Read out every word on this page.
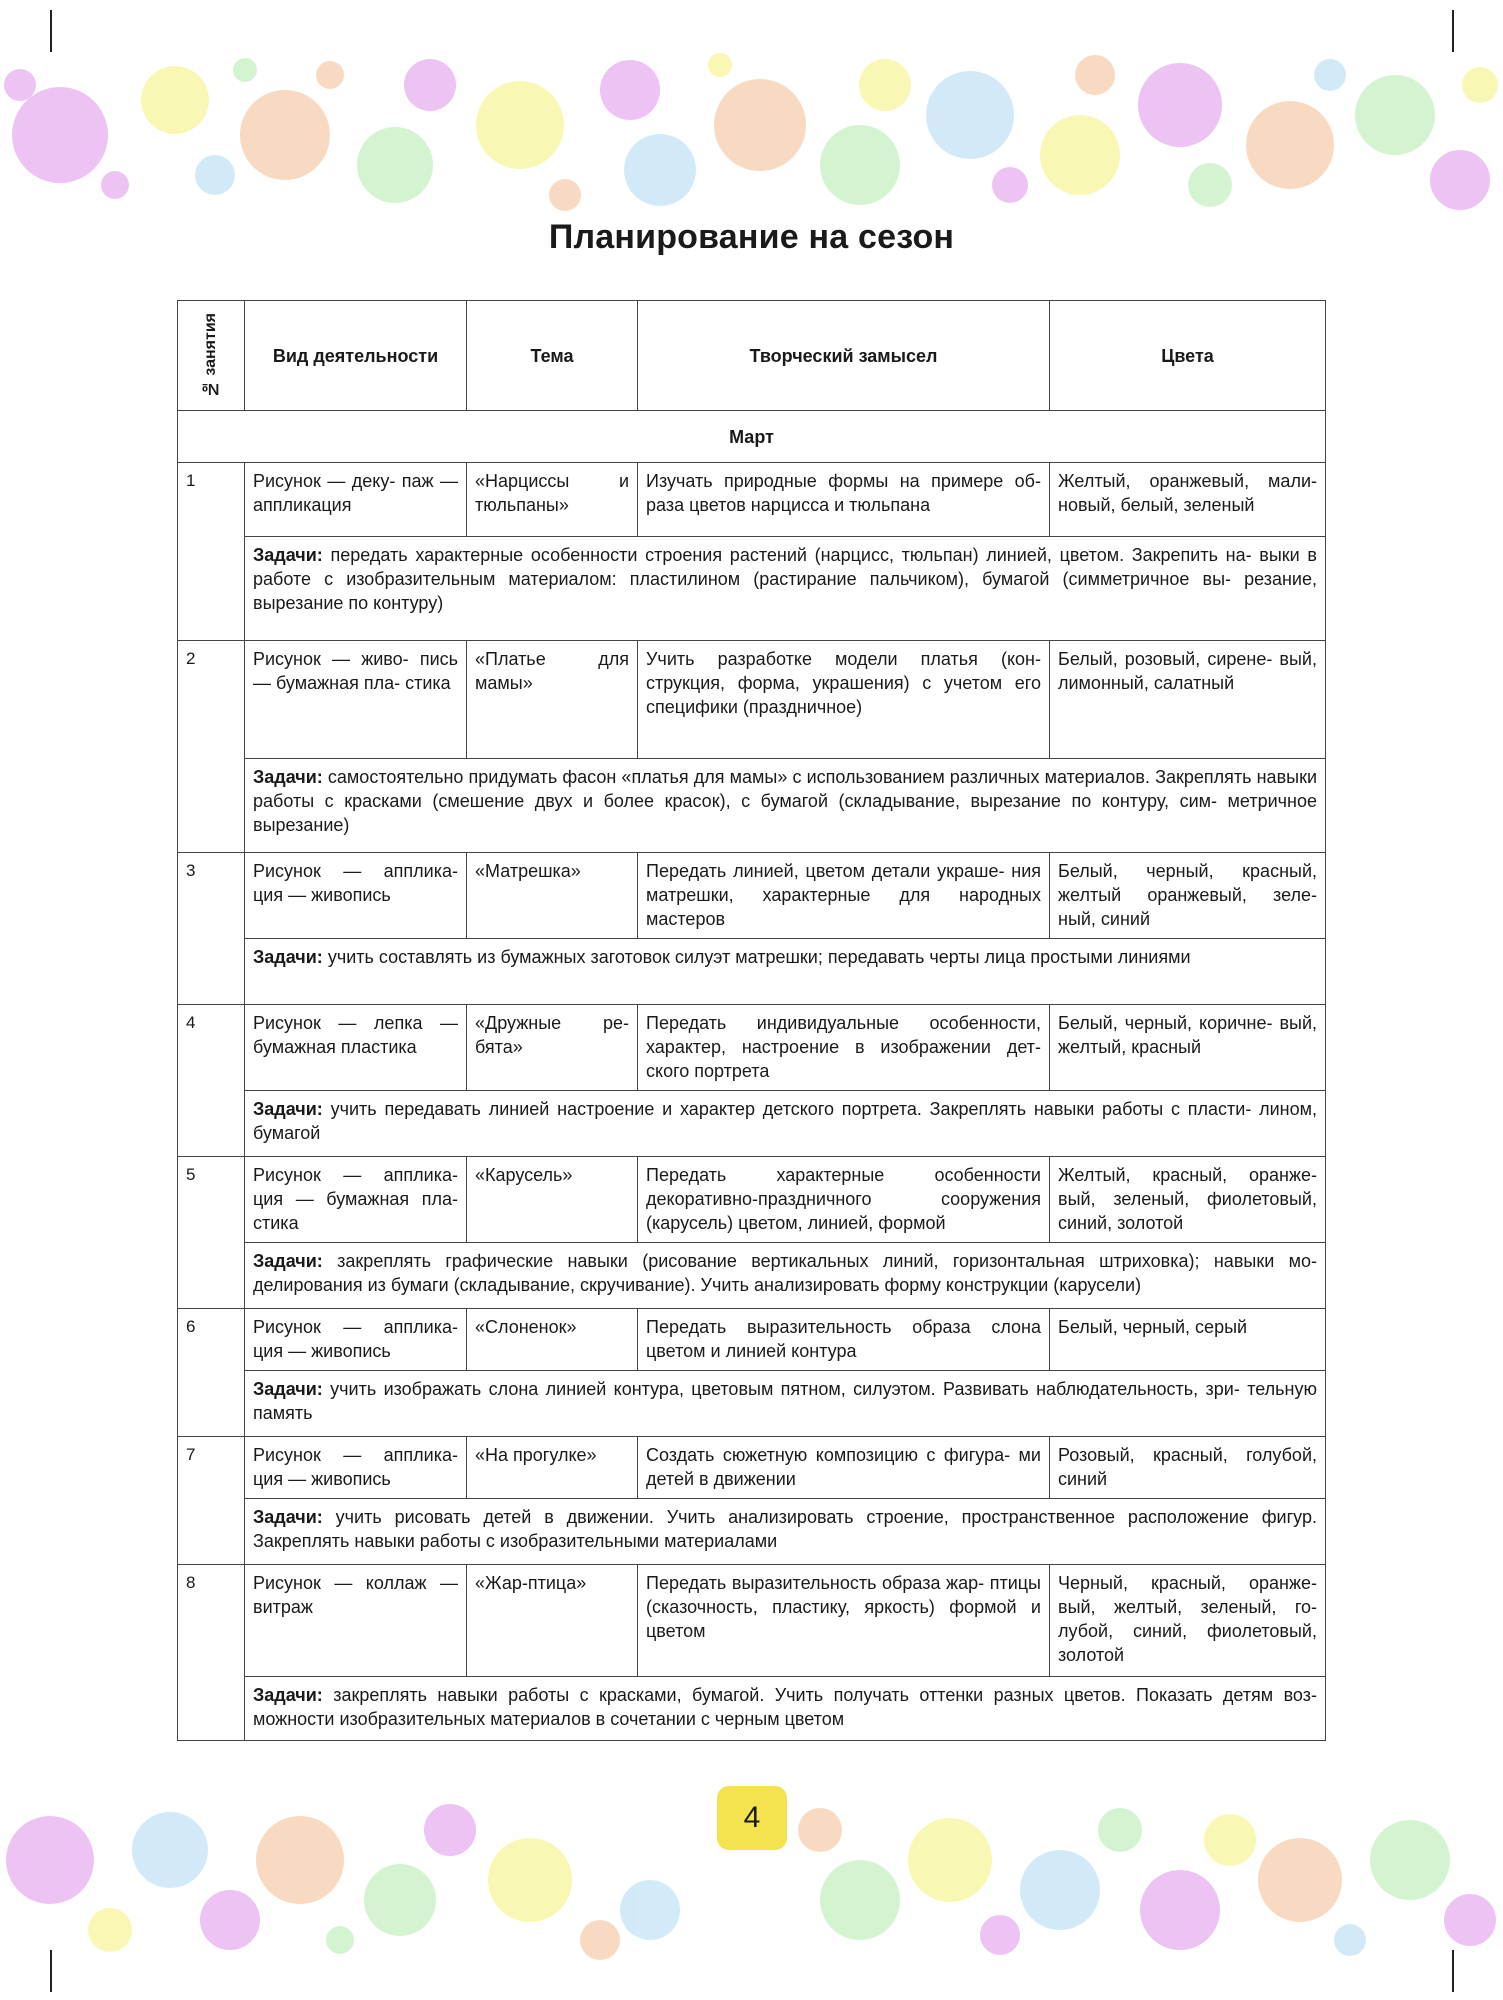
Планирование на сезон
№ занятия	Вид деятельности	Тема	Творческий замысел	Цвета
Март				
1	Рисунок — деку- паж — аппликация	«Нарциссы и тюльпаны»	Изучать природные формы на примере об- раза цветов нарцисса и тюльпана	Желтый, оранжевый, мали- новый, белый, зеленый
	Задачи: передать характерные особенности строения растений (нарцисс, тюльпан) линией, цветом. Закрепить на- выки в работе с изобразительным материалом: пластилином (растирание пальчиком), бумагой (симметричное вы- резание, вырезание по контуру)			
2	Рисунок — живо- пись — бумажная пла- стика	«Платье для мамы»	Учить разработке модели платья (кон- струкция, форма, украшения) с учетом его специфики (праздничное)	Белый, розовый, сирене- вый, лимонный, салатный
	Задачи: самостоятельно придумать фасон «платья для мамы» с использованием различных материалов. Закреплять навыки работы с красками (смешение двух и более красок), с бумагой (складывание, вырезание по контуру, сим- метричное вырезание)			
3	Рисунок — апплика- ция — живопись	«Матрешка»	Передать линией, цветом детали украше- ния матрешки, характерные для народных мастеров	Белый, черный, красный, желтый оранжевый, зеле- ный, синий
	Задачи: учить составлять из бумажных заготовок силуэт матрешки; передавать черты лица простыми линиями			
4	Рисунок — лепка — бумажная пластика	«Дружные ре- бята»	Передать индивидуальные особенности, характер, настроение в изображении дет- ского портрета	Белый, черный, коричне- вый, желтый, красный
	Задачи: учить передавать линией настроение и характер детского портрета. Закреплять навыки работы с пласти- лином, бумагой			
5	Рисунок — апплика- ция — бумажная пла- стика	«Карусель»	Передать характерные особенности декоративно-праздничного сооружения (карусель) цветом, линией, формой	Желтый, красный, оранже- вый, зеленый, фиолетовый, синий, золотой
	Задачи: закреплять графические навыки (рисование вертикальных линий, горизонтальная штриховка); навыки мо- делирования из бумаги (складывание, скручивание). Учить анализировать форму конструкции (карусели)			
6	Рисунок — апплика- ция — живопись	«Слоненок»	Передать выразительность образа слона цветом и линией контура	Белый, черный, серый
	Задачи: учить изображать слона линией контура, цветовым пятном, силуэтом. Развивать наблюдательность, зри- тельную память			
7	Рисунок — апплика- ция — живопись	«На прогулке»	Создать сюжетную композицию с фигура- ми детей в движении	Розовый, красный, голубой, синий
	Задачи: учить рисовать детей в движении. Учить анализировать строение, пространственное расположение фигур. Закреплять навыки работы с изобразительными материалами			
8	Рисунок — коллаж — витраж	«Жар-птица»	Передать выразительность образа жар- птицы (сказочность, пластику, яркость) формой и цветом	Черный, красный, оранже- вый, желтый, зеленый, го- лубой, синий, фиолетовый, золотой
	Задачи: закреплять навыки работы с красками, бумагой. Учить получать оттенки разных цветов. Показать детям воз- можности изобразительных материалов в сочетании с черным цветом			
4
